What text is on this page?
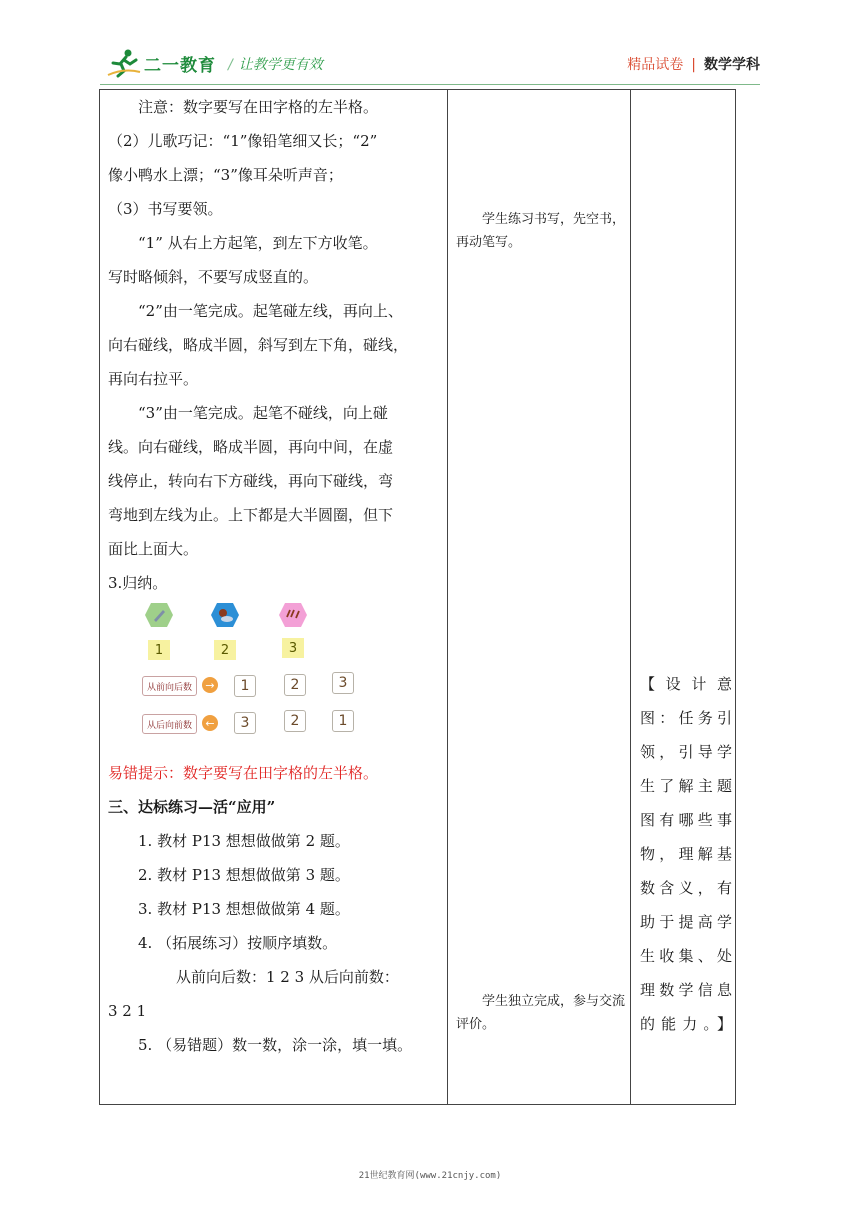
二一教育 / 让教学更有效	精品试卷 | 数学学科
注意：数字要写在田字格的左半格。
（2）儿歌巧记：“1”像铅笔细又长；“2”
像小鸭水上漂；“3”像耳朵听声音；
（3）书写要领。
“1” 从右上方起笔，到左下方收笔。
写时略倾斜，不要写成竖直的。
“2”由一笔完成。起笔碰左线，再向上、
向右碰线，略成半圆，斜写到左下角，碰线，
再向右拉平。
“3”由一笔完成。起笔不碰线，向上碰
线。向右碰线，略成半圆，再向中间，在虚
线停止，转向右下方碰线，再向下碰线，弯
弯地到左线为止。上下都是大半圆圈，但下
面比上面大。
3.归纳。
1	2	3
从前向后数	→	1	2	3
从后向前数	←	3	2	1
易错提示：数字要写在田字格的左半格。
三、达标练习—活“应用”
1. 教材 P13 想想做做第 2 题。
2. 教材 P13 想想做做第 3 题。
3. 教材 P13 想想做做第 4 题。
4. （拓展练习）按顺序填数。
从前向后数：1 2 3 从后向前数：
3 2 1
5. （易错题）数一数，涂一涂，填一填。
学生练习书写，先空书，再动笔写。
学生独立完成，参与交流评价。
【设计意
图：任务引
领，引导学
生了解主题
图有哪些事
物，理解基
数含义，有
助于提高学
生收集、处
理数学信息
的能力。】
21世纪教育网(www.21cnjy.com)
